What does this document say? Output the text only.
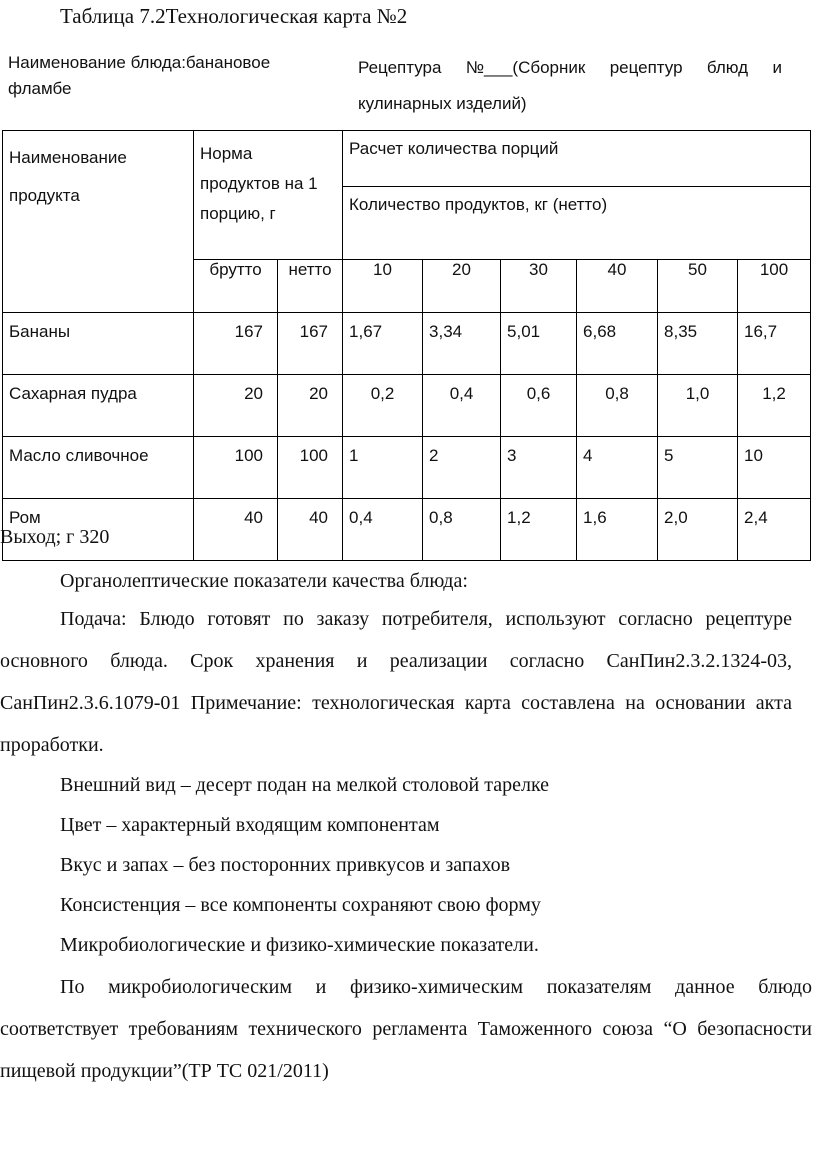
Таблица 7.2Технологическая карта №2
Наименование блюда:банановое фламбе
Рецептура №___(Сборник рецептур блюд и
кулинарных изделий)
Наименование продукта	Норма продуктов на 1 порцию, г		Расчет количества порций					
			Количество продуктов, кг (нетто)					
	брутто	нетто	10	20	30	40	50	100
Бананы	167	167	1,67	3,34	5,01	6,68	8,35	16,7
Сахарная пудра	20	20	0,2	0,4	0,6	0,8	1,0	1,2
Масло сливочное	100	100	1	2	3	4	5	10
Ром	40	40	0,4	0,8	1,2	1,6	2,0	2,4
Выход; г 320
Органолептические показатели качества блюда:
Подача: Блюдо готовят по заказу потребителя, используют согласно рецептуре основного блюда. Срок хранения и реализации согласно СанПин2.3.2.1324-03, СанПин2.3.6.1079-01 Примечание: технологическая карта составлена на основании акта проработки.
Внешний вид – десерт подан на мелкой столовой тарелке
Цвет – характерный входящим компонентам
Вкус и запах – без посторонних привкусов и запахов
Консистенция – все компоненты сохраняют свою форму
Микробиологические и физико-химические показатели.
По микробиологическим и физико-химическим показателям данное блюдо соответствует требованиям технического регламента Таможенного союза “О безопасности пищевой продукции”(ТР ТС 021/2011)
